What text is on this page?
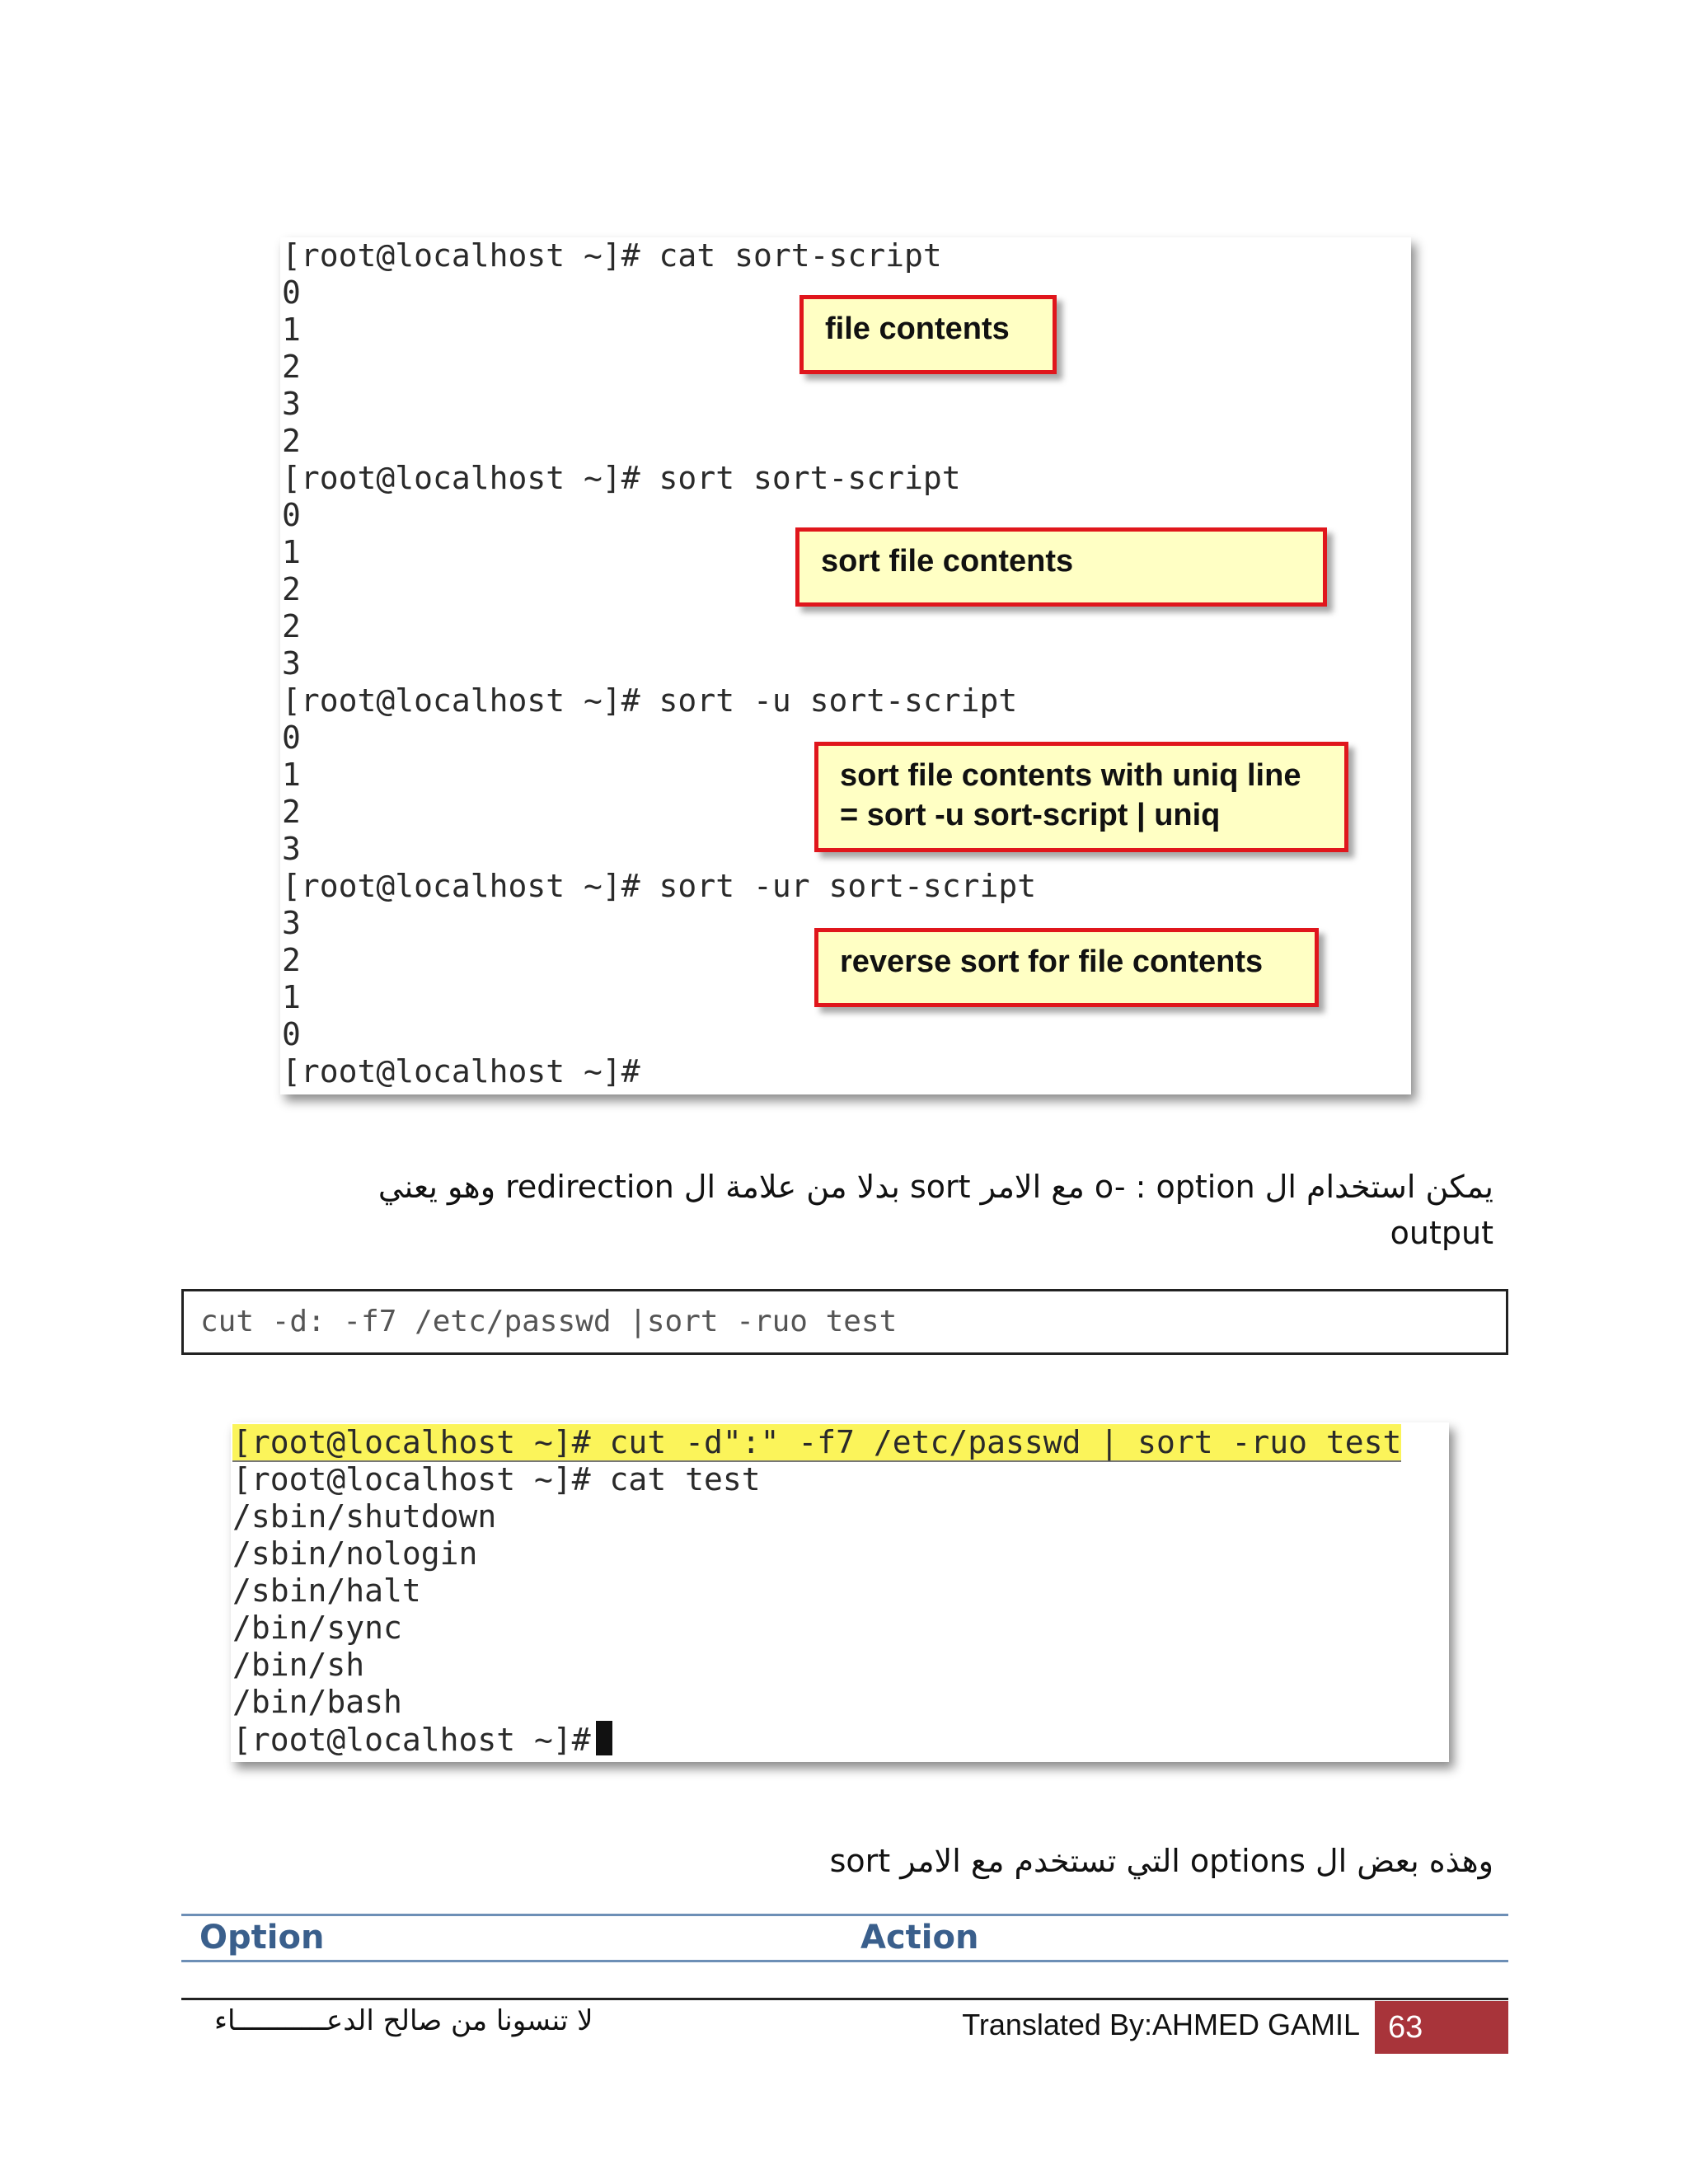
[root@localhost ~]# cat sort-script
0
1
2
3
2
[root@localhost ~]# sort sort-script
0
1
2
2
3
[root@localhost ~]# sort -u sort-script
0
1
2
3
[root@localhost ~]# sort -ur sort-script
3
2
1
0
[root@localhost ~]#
file contents
sort file contents
sort file contents with uniq line
= sort -u sort-script | uniq
reverse sort for file contents
يمكن استخدام ال o- : option مع الامر sort بدلا من علامة ال redirection وهو يعني
output
cut -d: -f7 /etc/passwd |sort -ruo test
[root@localhost ~]# cut -d":" -f7 /etc/passwd | sort -ruo test
[root@localhost ~]# cat test
/sbin/shutdown
/sbin/nologin
/sbin/halt
/bin/sync
/bin/sh
/bin/bash
[root@localhost ~]#
وهذه بعض ال options التي تستخدم مع الامر sort
Option	Action
لا تنسونا من صالح الدعـــــــــــاء	Translated By:AHMED GAMIL 63
